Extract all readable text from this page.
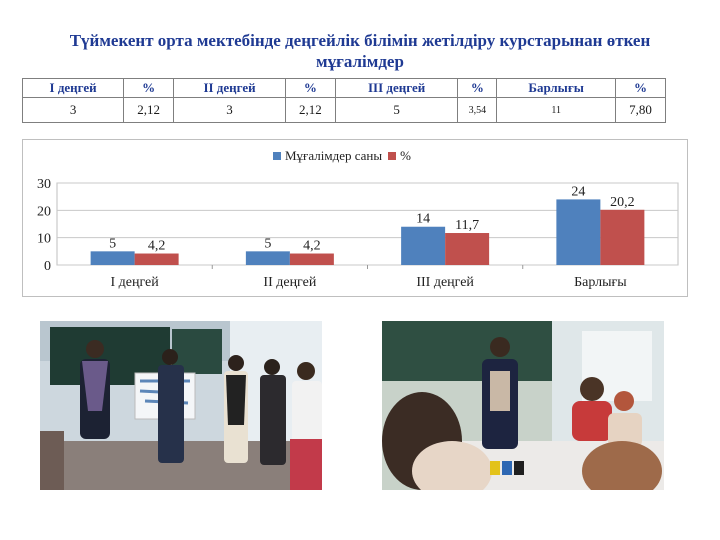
Түймекент орта мектебінде деңгейлік білімін жетілдіру курстарынан өткен
мұғалімдер
І деңгей	%	ІІ деңгей	%	ІІІ деңгей	%	Барлығы	%
3	2,12	3	2,12	5	3,54	11	7,80
Мұғалімдер саны %
0
10
20
30
5 4,2
І деңгей
5 4,2
ІІ деңгей
14 11,7
ІІІ деңгей
24
20,2
Барлығы
